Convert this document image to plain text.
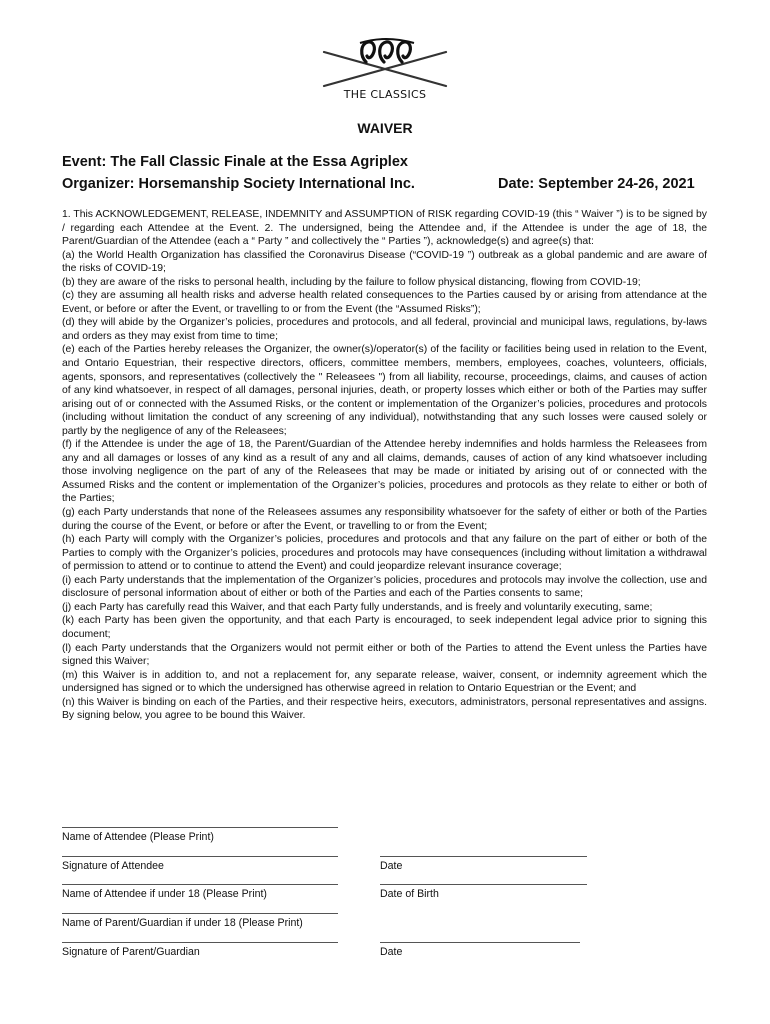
THE CLASSICS
WAIVER
Event: The Fall Classic Finale at the Essa Agriplex
Organizer: Horsemanship Society International Inc.	Date: September 24-26, 2021

1. This ACKNOWLEDGEMENT, RELEASE, INDEMNITY and ASSUMPTION of RISK regarding COVID-19 (this “ Waiver ”) is to be signed by / regarding each Attendee at the Event. 2. The undersigned, being the Attendee and, if the Attendee is under the age of 18, the Parent/Guardian of the Attendee (each a “ Party ” and collectively the “ Parties ”), acknowledge(s) and agree(s) that:

(a) the World Health Organization has classified the Coronavirus Disease (“COVID-19 ”) outbreak as a global pandemic and are aware of the risks of COVID-19;

(b) they are aware of the risks to personal health, including by the failure to follow physical distancing, flowing from COVID-19;

(c) they are assuming all health risks and adverse health related consequences to the Parties caused by or arising from attendance at the Event, or before or after the Event, or travelling to or from the Event (the “Assumed Risks”);

(d) they will abide by the Organizer’s policies, procedures and protocols, and all federal, provincial and municipal laws, regulations, by-laws and orders as they may exist from time to time;

(e) each of the Parties hereby releases the Organizer, the owner(s)/operator(s) of the facility or facilities being used in relation to the Event, and Ontario Equestrian, their respective directors, officers, committee members, members, employees, coaches, volunteers, officials, agents, sponsors, and representatives (collectively the " Releasees ") from all liability, recourse, proceedings, claims, and causes of action of any kind whatsoever, in respect of all damages, personal injuries, death, or property losses which either or both of the Parties may suffer arising out of or connected with the Assumed Risks, or the content or implementation of the Organizer’s policies, procedures and protocols (including without limitation the conduct of any screening of any individual), notwithstanding that any such losses were caused solely or partly by the negligence of any of the Releasees;

(f) if the Attendee is under the age of 18, the Parent/Guardian of the Attendee hereby indemnifies and holds harmless the Releasees from any and all damages or losses of any kind as a result of any and all claims, demands, causes of action of any kind whatsoever including those involving negligence on the part of any of the Releasees that may be made or initiated by arising out of or connected with the Assumed Risks and the content or implementation of the Organizer’s policies, procedures and protocols as they relate to either or both of the Parties;

(g) each Party understands that none of the Releasees assumes any responsibility whatsoever for the safety of either or both of the Parties during the course of the Event, or before or after the Event, or travelling to or from the Event;

(h) each Party will comply with the Organizer’s policies, procedures and protocols and that any failure on the part of either or both of the Parties to comply with the Organizer’s policies, procedures and protocols may have consequences (including without limitation a withdrawal of permission to attend or to continue to attend the Event) and could jeopardize relevant insurance coverage;

(i) each Party understands that the implementation of the Organizer’s policies, procedures and protocols may involve the collection, use and disclosure of personal information about of either or both of the Parties and each of the Parties consents to same;

(j) each Party has carefully read this Waiver, and that each Party fully understands, and is freely and voluntarily executing, same;

(k) each Party has been given the opportunity, and that each Party is encouraged, to seek independent legal advice prior to signing this document;

(l) each Party understands that the Organizers would not permit either or both of the Parties to attend the Event unless the Parties have signed this Waiver;

(m) this Waiver is in addition to, and not a replacement for, any separate release, waiver, consent, or indemnity agreement which the undersigned has signed or to which the undersigned has otherwise agreed in relation to Ontario Equestrian or the Event; and

(n) this Waiver is binding on each of the Parties, and their respective heirs, executors, administrators, personal representatives and assigns. By signing below, you agree to be bound this Waiver.

Name of Attendee (Please Print)
Signature of Attendee	Date
Name of Attendee if under 18 (Please Print)	Date of Birth
Name of Parent/Guardian if under 18 (Please Print)
Signature of Parent/Guardian	Date
